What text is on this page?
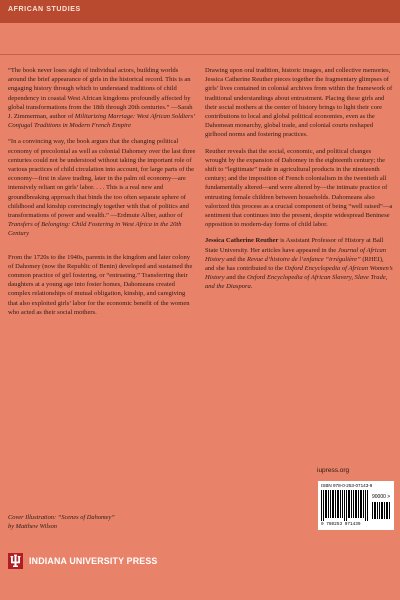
AFRICAN STUDIES

“The book never loses sight of individual actors, building worlds around the brief appearance of girls in the historical record. This is an engaging history through which to understand traditions of child dependency in coastal West African kingdoms profoundly affected by global transformations from the 18th through 20th centuries.” —Sarah J. Zimmerman, author of Militarizing Marriage: West African Soldiers’ Conjugal Traditions in Modern French Empire

“In a convincing way, the book argues that the changing political economy of precolonial as well as colonial Dahomey over the last three centuries could not be understood without taking the important role of various practices of child circulation into account, for large parts of the economy—first in slave trading, later in the palm oil economy—are intensively reliant on girls’ labor. . . . This is a real new and groundbreaking approach that binds the too often separate sphere of childhood and kinship convincingly together with that of politics and transformations of power and wealth.” —Erdmute Alber, author of Transfers of Belonging: Child Fostering in West Africa in the 20th Century

From the 1720s to the 1940s, parents in the kingdom and later colony of Dahomey (now the Republic of Benin) developed and sustained the common practice of girl fostering, or “entrusting.” Transferring their daughters at a young age into foster homes, Dahomeans created complex relationships of mutual obligation, kinship, and caregiving that also exploited girls’ labor for the economic benefit of the women who acted as their social mothers.

Drawing upon oral tradition, historic images, and collective memories, Jessica Catherine Reuther pieces together the fragmentary glimpses of girls’ lives contained in colonial archives from within the framework of traditional understandings about entrustment. Placing these girls and their social mothers at the center of history brings to light their core contributions to local and global political economies, even as the Dahomean monarchy, global trade, and colonial courts reshaped girlhood norms and fostering practices.

Reuther reveals that the social, economic, and political changes wrought by the expansion of Dahomey in the eighteenth century; the shift to “legitimate” trade in agricultural products in the nineteenth century; and the imposition of French colonialism in the twentieth all fundamentally altered—and were altered by—the intimate practice of entrusting female children between households. Dahomeans also valorized this process as a crucial component of being “well raised”—a sentiment that continues into the present, despite widespread Beninese opposition to modern-day forms of child labor.

Jessica Catherine Reuther is Assistant Professor of History at Ball State University. Her articles have appeared in the Journal of African History and the Revue d’histoire de l’enfance “irrégulière” (RHEI), and she has contributed to the Oxford Encyclopedia of African Women’s History and the Oxford Encyclopedia of African Slavery, Slave Trade, and the Diaspora.

Cover Illustration: “Scenes of Dahomey”
by Matthew Wilson
iupress.org
ISBN 978-0-253-07143-9
90000 >
9 780253 071439
INDIANA UNIVERSITY PRESS
